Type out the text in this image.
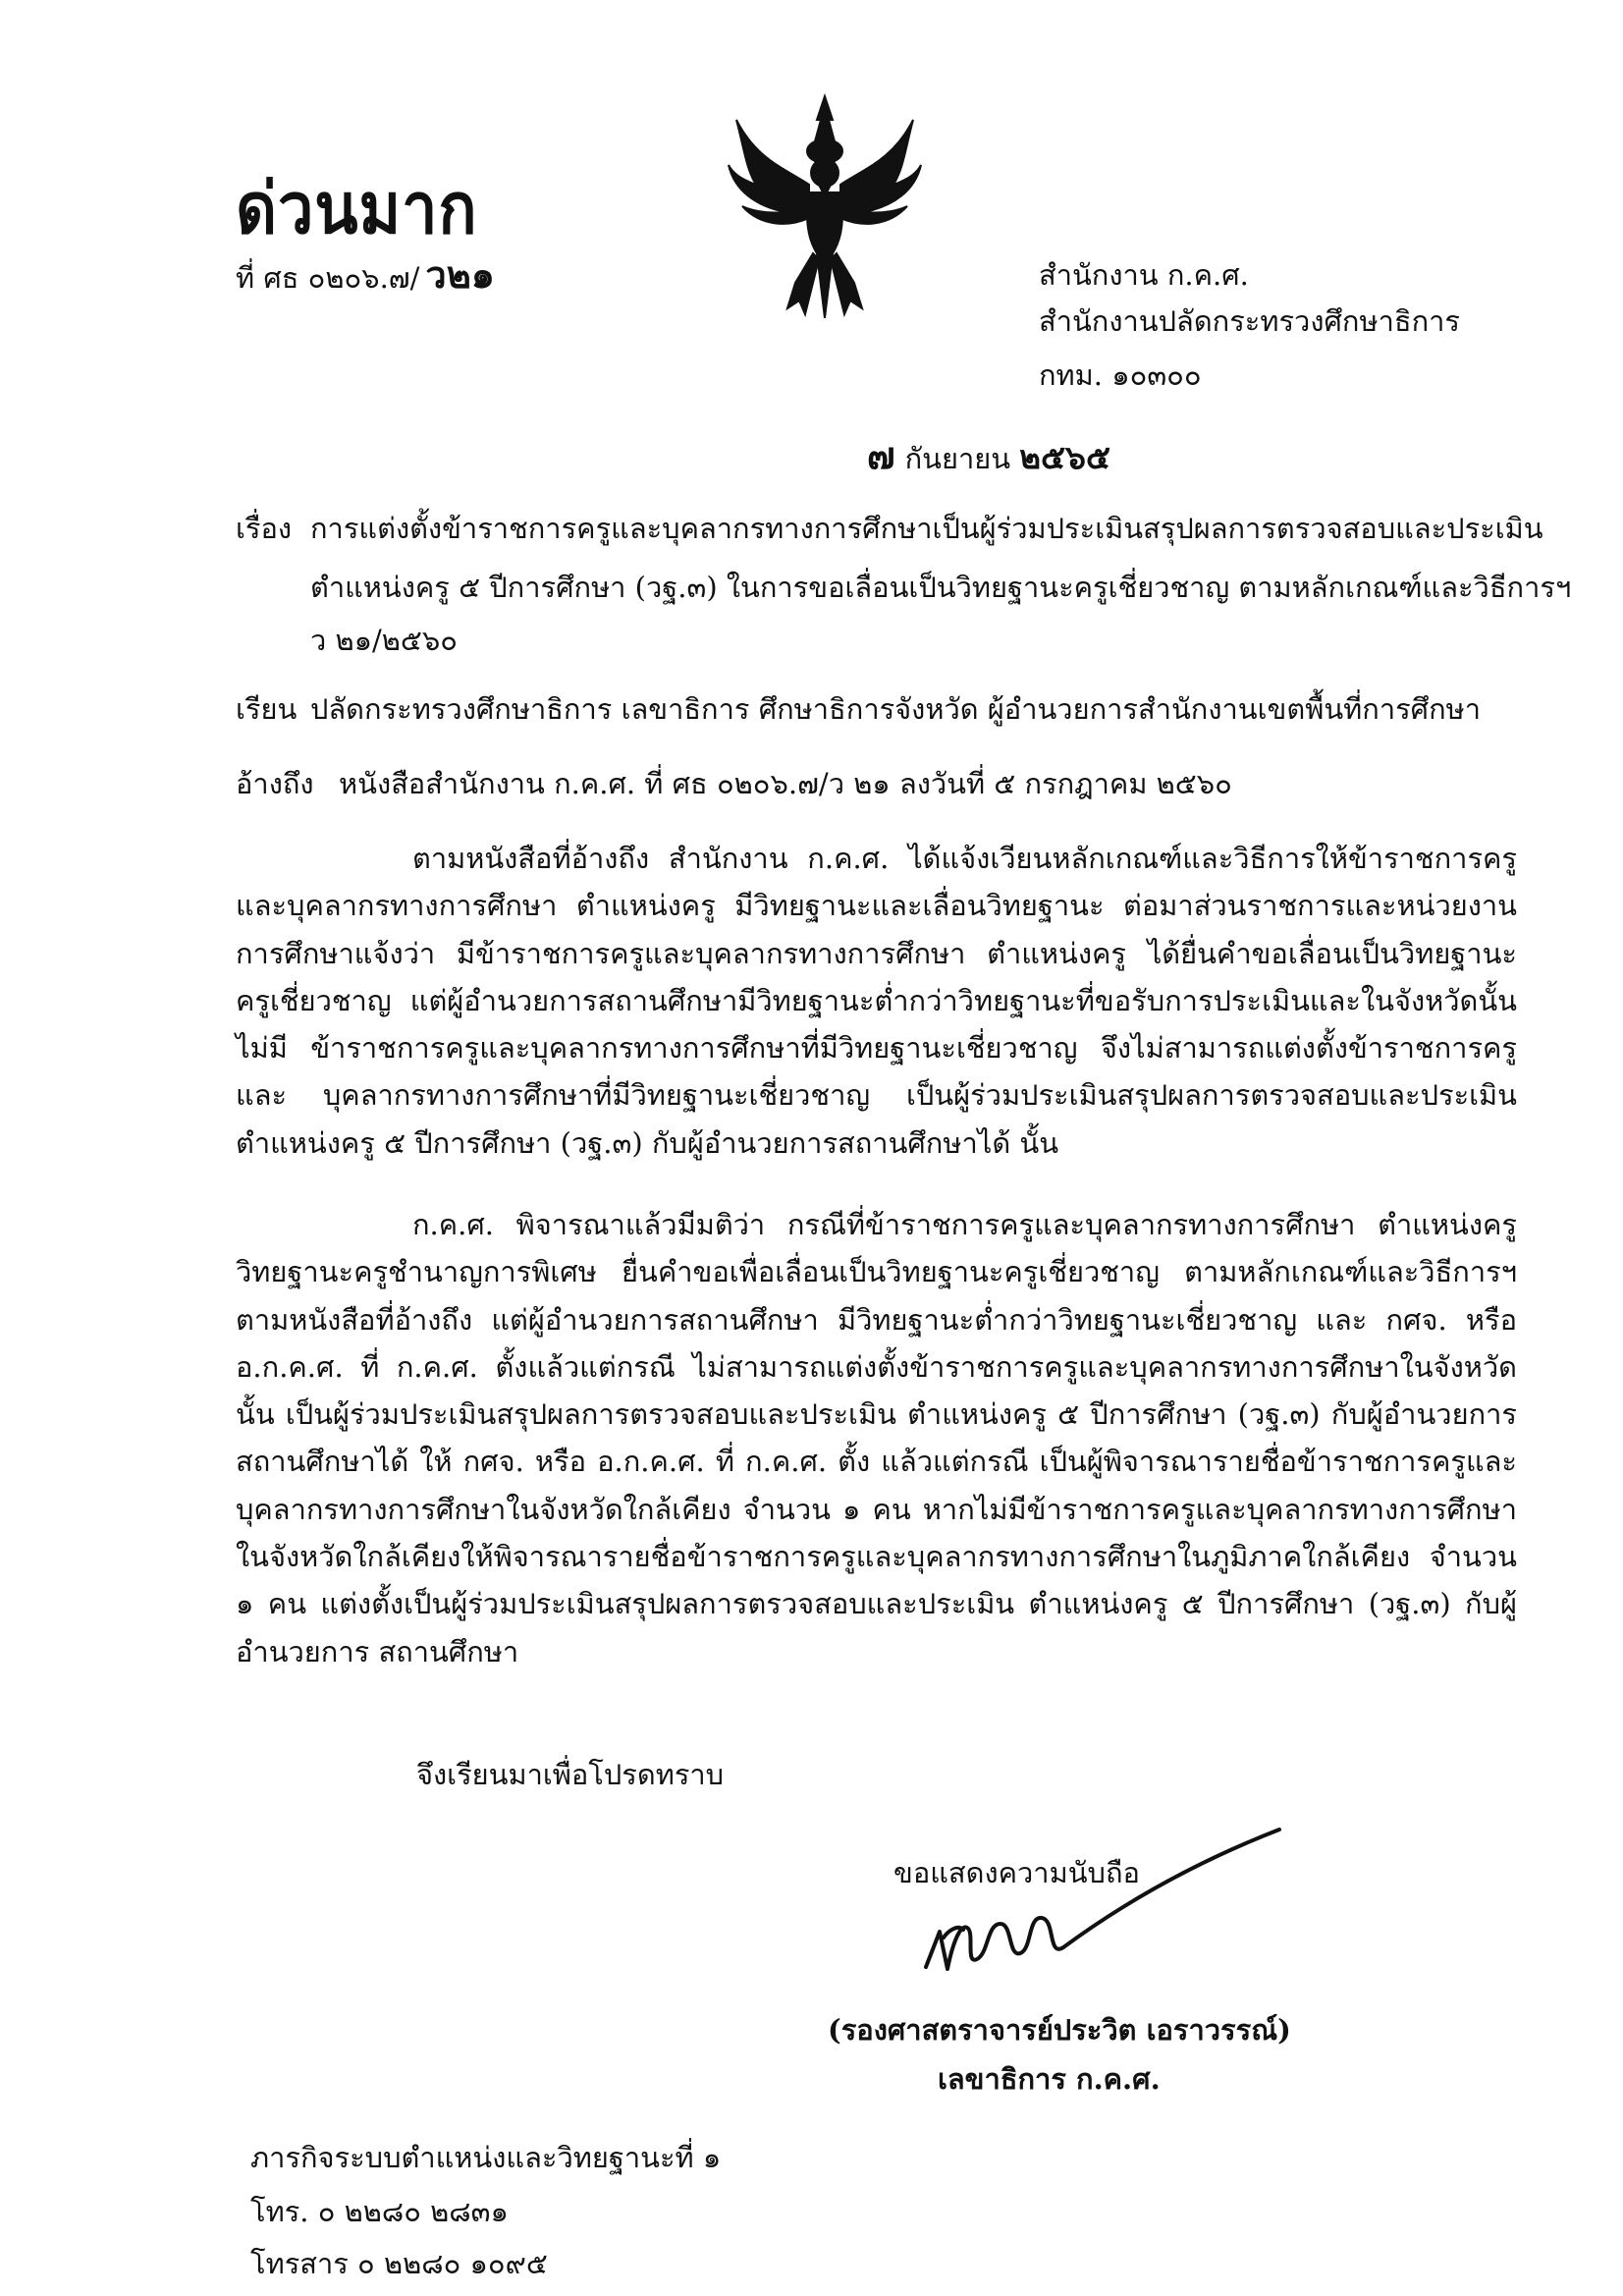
ด่วนมาก
ที่ ศธ ๐๒๐๖.๗/ ว๒๑	สำนักงาน ก.ค.ศ.
สำนักงานปลัดกระทรวงศึกษาธิการ
กทม. ๑๐๓๐๐
๗ กันยายน ๒๕๖๕
เรื่อง การแต่งตั้งข้าราชการครูและบุคลากรทางการศึกษาเป็นผู้ร่วมประเมินสรุปผลการตรวจสอบและประเมิน
ตำแหน่งครู ๕ ปีการศึกษา (วฐ.๓) ในการขอเลื่อนเป็นวิทยฐานะครูเชี่ยวชาญ ตามหลักเกณฑ์และวิธีการฯ
ว ๒๑/๒๕๖๐
เรียน ปลัดกระทรวงศึกษาธิการ เลขาธิการ ศึกษาธิการจังหวัด ผู้อำนวยการสำนักงานเขตพื้นที่การศึกษา
อ้างถึง หนังสือสำนักงาน ก.ค.ศ. ที่ ศธ ๐๒๐๖.๗/ว ๒๑ ลงวันที่ ๕ กรกฎาคม ๒๕๖๐

ตามหนังสือที่อ้างถึง สำนักงาน ก.ค.ศ. ได้แจ้งเวียนหลักเกณฑ์และวิธีการให้ข้าราชการครู และบุคลากรทางการศึกษา ตำแหน่งครู มีวิทยฐานะและเลื่อนวิทยฐานะ ต่อมาส่วนราชการและหน่วยงาน การศึกษาแจ้งว่า มีข้าราชการครูและบุคลากรทางการศึกษา ตำแหน่งครู ได้ยื่นคำขอเลื่อนเป็นวิทยฐานะ ครูเชี่ยวชาญ แต่ผู้อำนวยการสถานศึกษามีวิทยฐานะต่ำกว่าวิทยฐานะที่ขอรับการประเมินและในจังหวัดนั้นไม่มี ข้าราชการครูและบุคลากรทางการศึกษาที่มีวิทยฐานะเชี่ยวชาญ จึงไม่สามารถแต่งตั้งข้าราชการครูและ บุคลากรทางการศึกษาที่มีวิทยฐานะเชี่ยวชาญ เป็นผู้ร่วมประเมินสรุปผลการตรวจสอบและประเมิน ตำแหน่งครู ๕ ปีการศึกษา (วฐ.๓) กับผู้อำนวยการสถานศึกษาได้ นั้น

ก.ค.ศ. พิจารณาแล้วมีมติว่า กรณีที่ข้าราชการครูและบุคลากรทางการศึกษา ตำแหน่งครู วิทยฐานะครูชำนาญการพิเศษ ยื่นคำขอเพื่อเลื่อนเป็นวิทยฐานะครูเชี่ยวชาญ ตามหลักเกณฑ์และวิธีการฯ ตามหนังสือที่อ้างถึง แต่ผู้อำนวยการสถานศึกษา มีวิทยฐานะต่ำกว่าวิทยฐานะเชี่ยวชาญ และ กศจ. หรือ อ.ก.ค.ศ. ที่ ก.ค.ศ. ตั้งแล้วแต่กรณี ไม่สามารถแต่งตั้งข้าราชการครูและบุคลากรทางการศึกษาในจังหวัดนั้น เป็นผู้ร่วมประเมินสรุปผลการตรวจสอบและประเมิน ตำแหน่งครู ๕ ปีการศึกษา (วฐ.๓) กับผู้อำนวยการ สถานศึกษาได้ ให้ กศจ. หรือ อ.ก.ค.ศ. ที่ ก.ค.ศ. ตั้ง แล้วแต่กรณี เป็นผู้พิจารณารายชื่อข้าราชการครูและ บุคลากรทางการศึกษาในจังหวัดใกล้เคียง จำนวน ๑ คน หากไม่มีข้าราชการครูและบุคลากรทางการศึกษา ในจังหวัดใกล้เคียงให้พิจารณารายชื่อข้าราชการครูและบุคลากรทางการศึกษาในภูมิภาคใกล้เคียง จำนวน ๑ คน แต่งตั้งเป็นผู้ร่วมประเมินสรุปผลการตรวจสอบและประเมิน ตำแหน่งครู ๕ ปีการศึกษา (วฐ.๓) กับผู้อำนวยการ สถานศึกษา

จึงเรียนมาเพื่อโปรดทราบ
ขอแสดงความนับถือ
(รองศาสตราจารย์ประวิต เอราวรรณ์)
เลขาธิการ ก.ค.ศ.
ภารกิจระบบตำแหน่งและวิทยฐานะที่ ๑
โทร. ๐ ๒๒๘๐ ๒๘๓๑
โทรสาร ๐ ๒๒๘๐ ๑๐๙๕
